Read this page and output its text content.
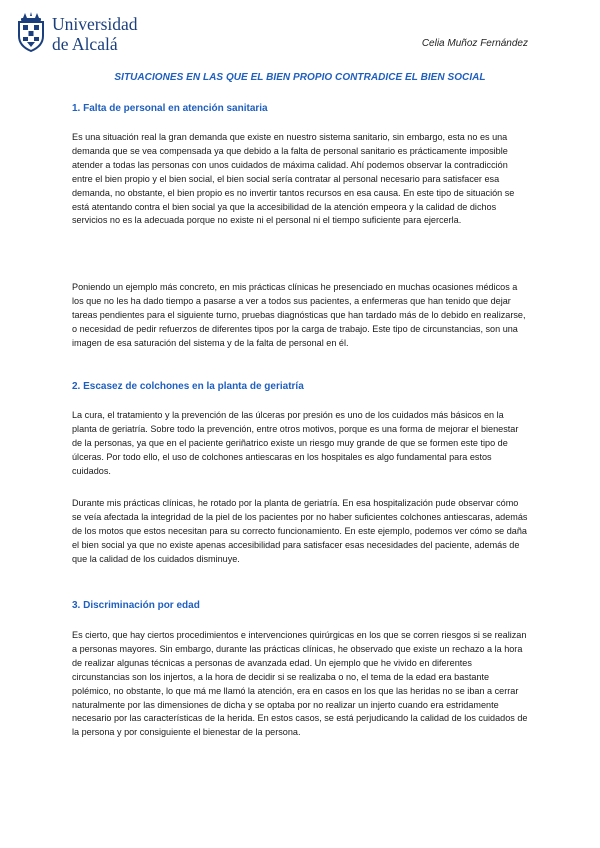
Universidad
de Alcalá	Celia Muñoz Fernández
SITUACIONES EN LAS QUE EL BIEN PROPIO CONTRADICE EL BIEN SOCIAL
1. Falta de personal en atención sanitaria

Es una situación real la gran demanda que existe en nuestro sistema sanitario, sin embargo, esta no es una demanda que se vea compensada ya que debido a la falta de personal sanitario es prácticamente imposible atender a todas las personas con unos cuidados de máxima calidad. Ahí podemos observar la contradicción entre el bien propio y el bien social, el bien social sería contratar al personal necesario para satisfacer esa demanda, no obstante, el bien propio es no invertir tantos recursos en esa causa. En este tipo de situación se está atentando contra el bien social ya que la accesibilidad de la atención empeora y la calidad de dichos servicios no es la adecuada porque no existe ni el personal ni el tiempo suficiente para ejercerla.

Poniendo un ejemplo más concreto, en mis prácticas clínicas he presenciado en muchas ocasiones médicos a los que no les ha dado tiempo a pasarse a ver a todos sus pacientes, a enfermeras que han tenido que dejar tareas pendientes para el siguiente turno, pruebas diagnósticas que han tardado más de lo debido en realizarse, o necesidad de pedir refuerzos de diferentes tipos por la carga de trabajo. Este tipo de circunstancias, son una imagen de esa saturación del sistema y de la falta de personal en él.

2. Escasez de colchones en la planta de geriatría

La cura, el tratamiento y la prevención de las úlceras por presión es uno de los cuidados más básicos en la planta de geriatría. Sobre todo la prevención, entre otros motivos, porque es una forma de mejorar el bienestar de la personas, ya que en el paciente geriñatrico existe un riesgo muy grande de que se formen este tipo de úlceras. Por todo ello, el uso de colchones antiescaras en los hospitales es algo fundamental para estos cuidados.

Durante mis prácticas clínicas, he rotado por la planta de geriatría. En esa hospitalización pude observar cómo se veía afectada la integridad de la piel de los pacientes por no haber suficientes colchones antiescaras, además de los motos que estos necesitan para su correcto funcionamiento. En este ejemplo, podemos ver cómo se daña el bien social ya que no existe apenas accesibilidad para satisfacer esas necesidades del paciente, además de que la calidad de los cuidados disminuye.

3. Discriminación por edad

Es cierto, que hay ciertos procedimientos e intervenciones quirúrgicas en los que se corren riesgos si se realizan a personas mayores. Sin embargo, durante las prácticas clínicas, he observado que existe un rechazo a la hora de realizar algunas técnicas a personas de avanzada edad. Un ejemplo que he vivido en diferentes circunstancias son los injertos, a la hora de decidir si se realizaba o no, el tema de la edad era bastante polémico, no obstante, lo que má me llamó la atención, era en casos en los que las heridas no se iban a cerrar naturalmente por las dimensiones de dicha y se optaba por no realizar un injerto cuando era estridamente necesario por las características de la herida. En estos casos, se está perjudicando la calidad de los cuidados de la persona y por consiguiente el bienestar de la persona.
